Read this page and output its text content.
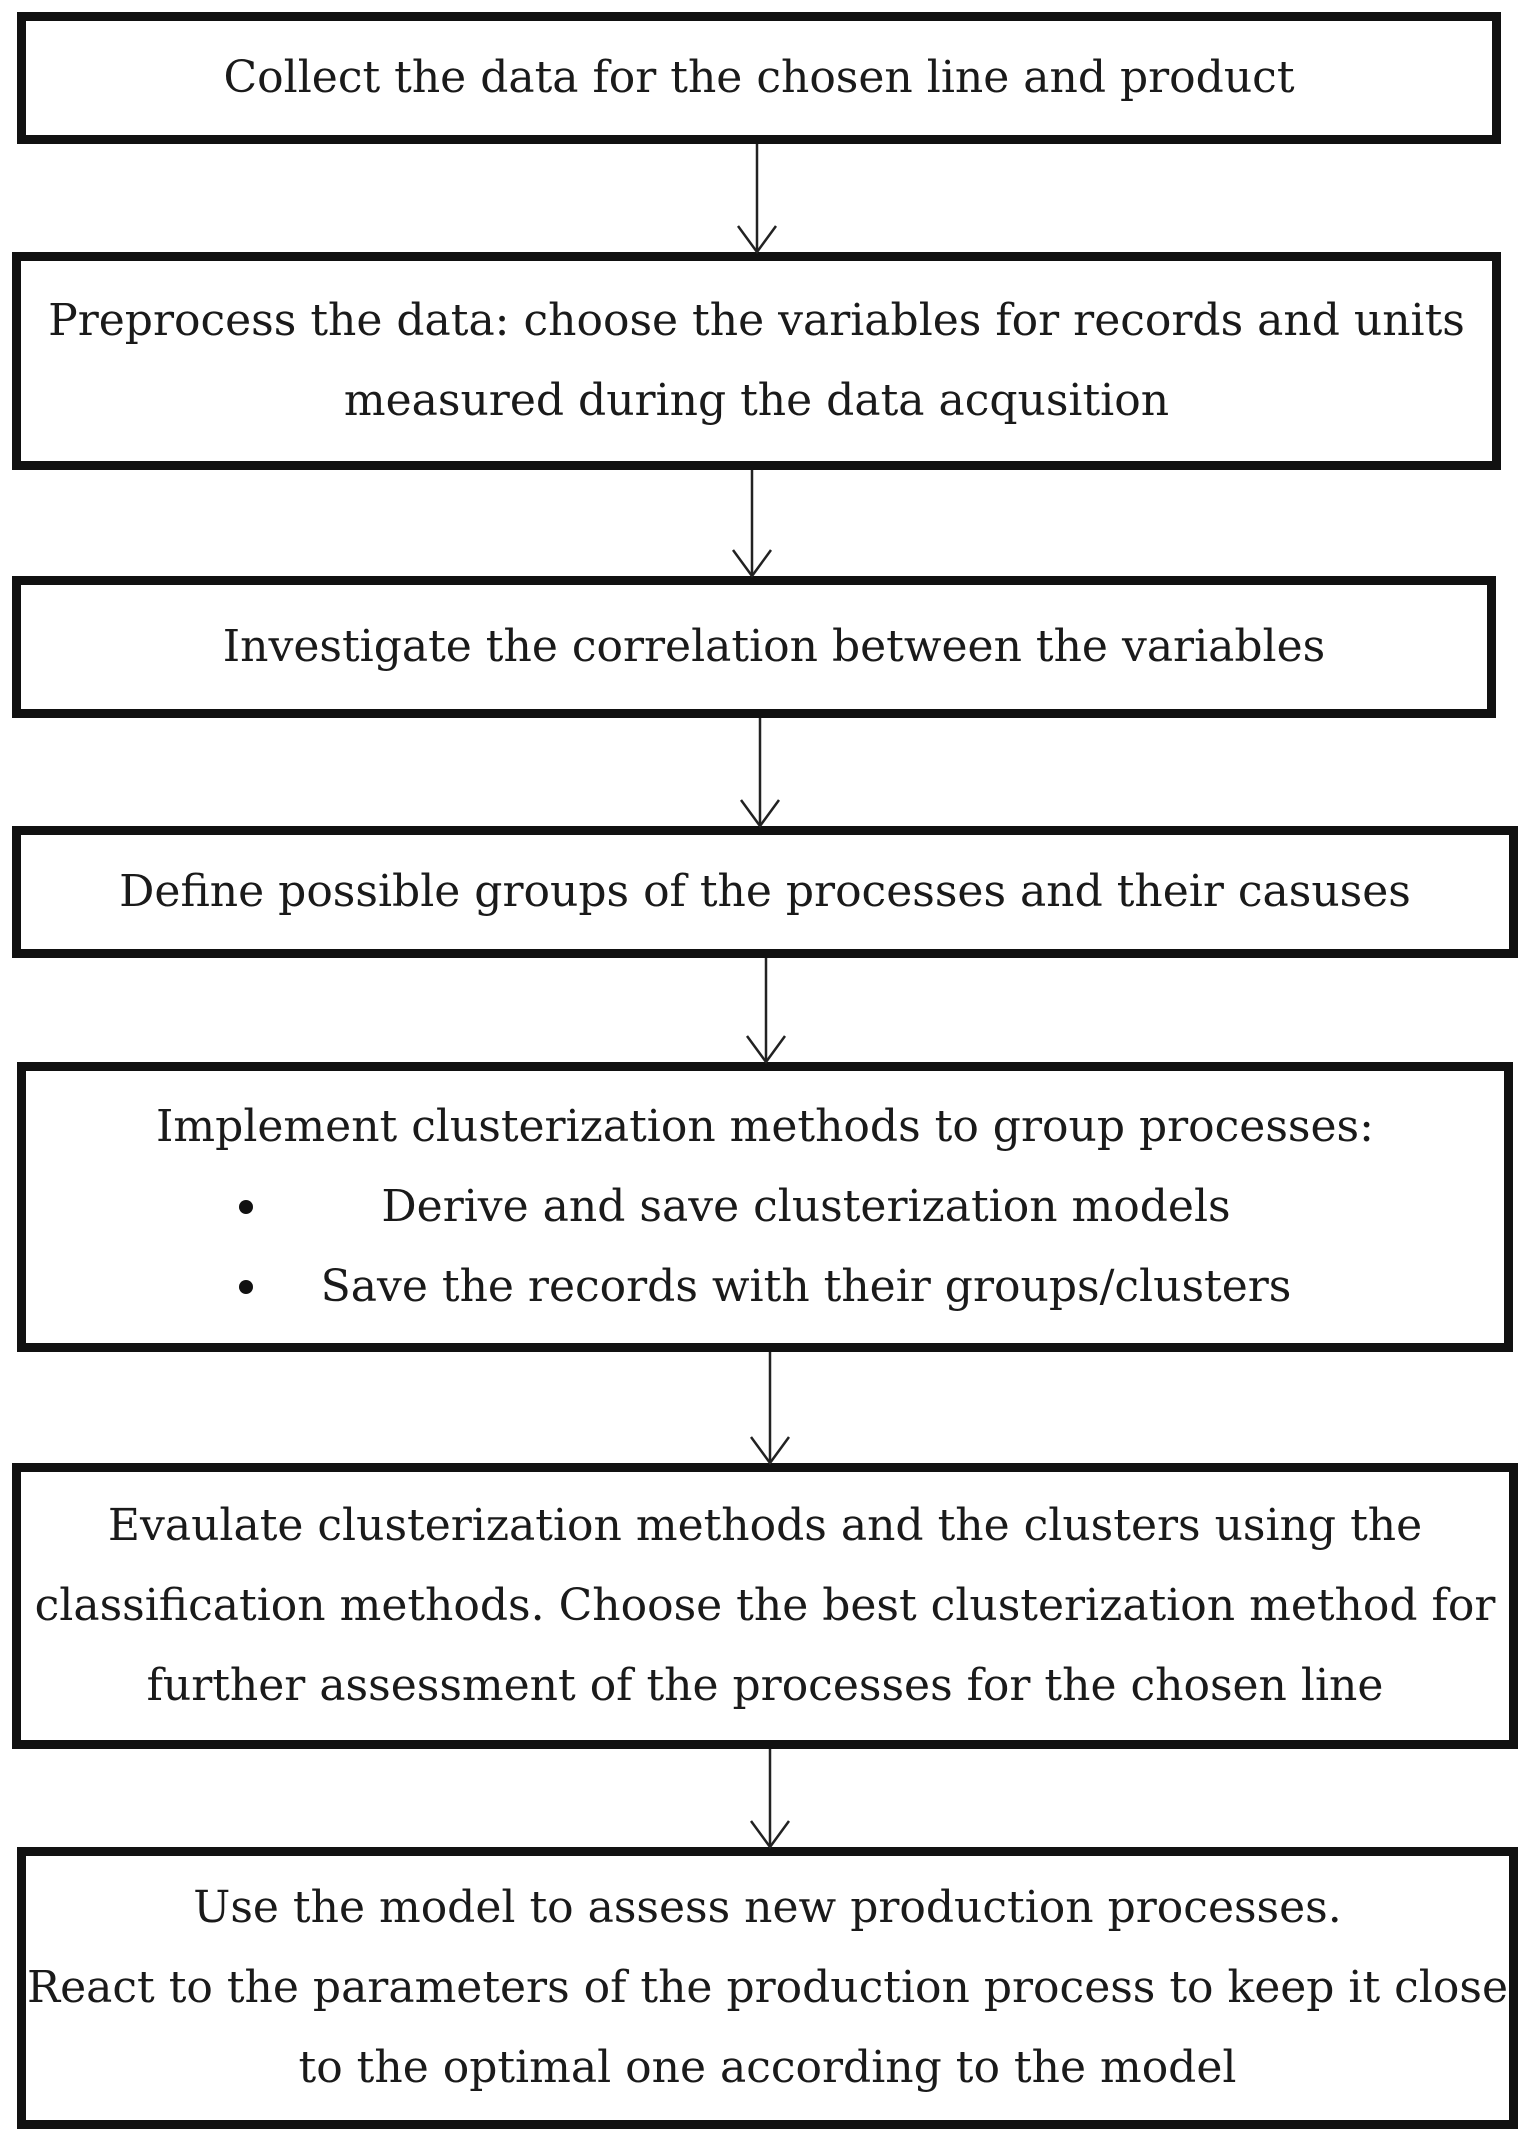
Collect the data for the chosen line and product
Preprocess the data: choose the variables for records and units
measured during the data acqusition
Investigate the correlation between the variables
Define possible groups of the processes and their casuses
Implement clusterization methods to group processes:
Derive and save clusterization models
Save the records with their groups/clusters
Evaulate clusterization methods and the clusters using the
classification methods. Choose the best clusterization method for
further assessment of the processes for the chosen line
Use the model to assess new production processes.
React to the parameters of the production process to keep it close
to the optimal one according to the model
